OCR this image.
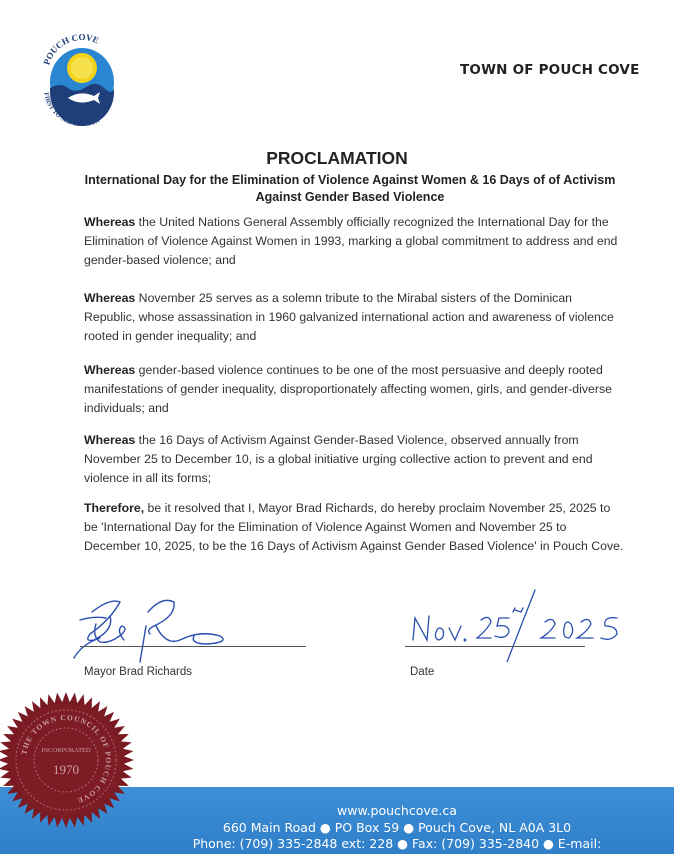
POUCH COVE
FIRST TO SEE THE SUN
TOWN OF POUCH COVE
PROCLAMATION
International Day for the Elimination of Violence Against Women & 16 Days of of Activism
Against Gender Based Violence
Whereas the United Nations General Assembly officially recognized the International Day for the Elimination of Violence Against Women in 1993, marking a global commitment to address and end gender-based violence; and
Whereas November 25 serves as a solemn tribute to the Mirabal sisters of the Dominican Republic, whose assassination in 1960 galvanized international action and awareness of violence rooted in gender inequality; and
Whereas gender-based violence continues to be one of the most persuasive and deeply rooted manifestations of gender inequality, disproportionately affecting women, girls, and gender-diverse individuals; and
Whereas the 16 Days of Activism Against Gender-Based Violence, observed annually from November 25 to December 10, is a global initiative urging collective action to prevent and end violence in all its forms;
Therefore, be it resolved that I, Mayor Brad Richards, do hereby proclaim November 25, 2025 to be 'International Day for the Elimination of Violence Against Women and November 25 to December 10, 2025, to be the 16 Days of Activism Against Gender Based Violence' in Pouch Cove.
Mayor Brad Richards	Date
www.pouchcove.ca
660 Main Road ● PO Box 59 ● Pouch Cove, NL A0A 3L0
Phone: (709) 335-2848 ext: 228 ● Fax: (709) 335-2840 ● E-mail:
THE TOWN COUNCIL OF POUCH COVE
INCORPORATED
1970
